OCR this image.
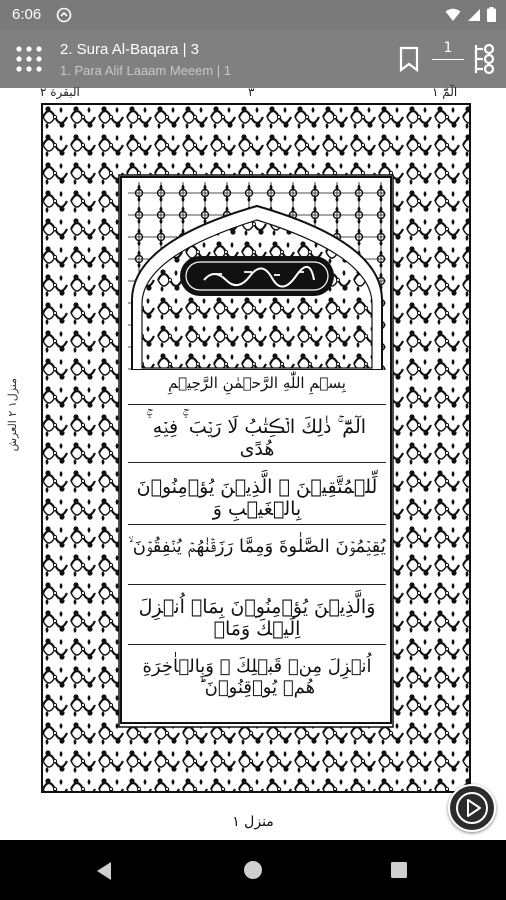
6:06
2. Sura Al-Baqara | 3
1. Para Alif Laaam Meeem | 1
1
البقرة ٢	٣	الٓمّٓ ١
منزل١ ٢ العرش	بِسۡمِ اللّٰهِ الرَّحۡمٰنِ الرَّحِيۡمِ
الٓمّٓ ۚ ذٰلِكَ الۡڪِتٰبُ لَا رَيۡبَ ۛۚ فِيۡهِ ۛۚ هُدًى
لِّلۡمُتَّقِيۡنَ ۙ الَّذِيۡنَ يُؤۡمِنُوۡنَ بِالۡغَيۡبِ وَ
يُقِيۡمُوۡنَ الصَّلٰوةَ وَمِمَّا رَزَقۡنٰهُمۡ يُنۡفِقُوۡنَ ۙ
وَالَّذِيۡنَ يُؤۡمِنُوۡنَ بِمَاۤ اُنۡزِلَ اِلَيۡكَ وَمَاۤ
اُنۡزِلَ مِنۡ قَبۡلِكَ ۚ وَبِالۡاٰخِرَةِ هُمۡ يُوۡقِنُوۡنَ ؕ
منزل ١
